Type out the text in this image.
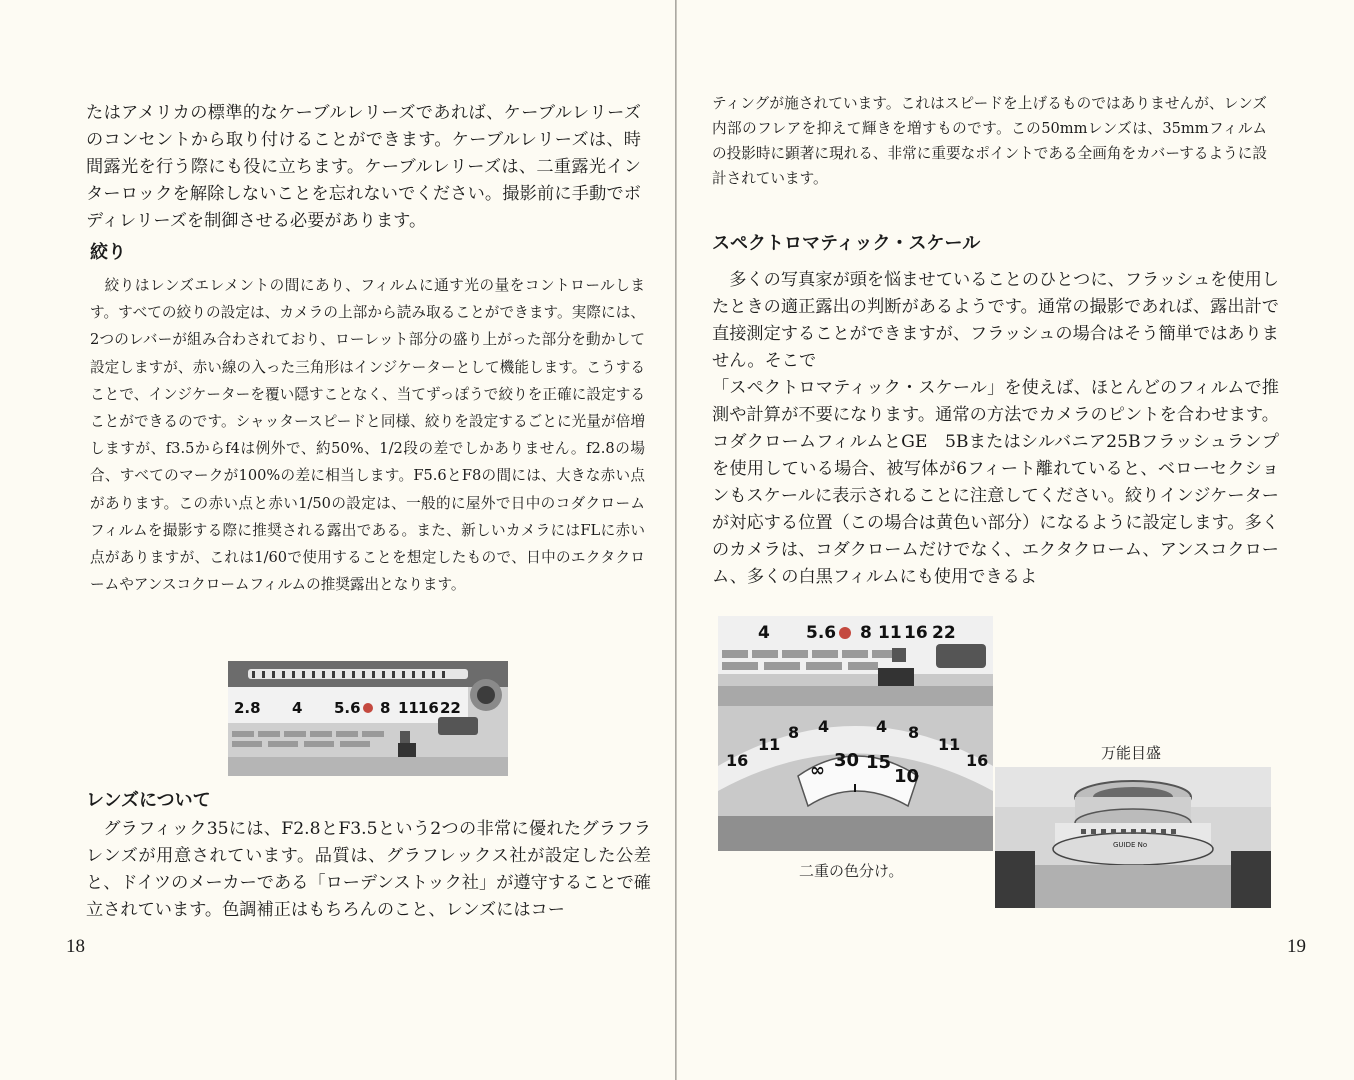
たはアメリカの標準的なケーブルレリーズであれば、ケーブルレリーズのコンセントから取り付けることができます。ケーブルレリーズは、時間露光を行う際にも役に立ちます。ケーブルレリーズは、二重露光インターロックを解除しないことを忘れないでください。撮影前に手動でボディレリーズを制御させる必要があります。

絞り

絞りはレンズエレメントの間にあり、フィルムに通す光の量をコントロールします。すべての絞りの設定は、カメラの上部から読み取ることができます。実際には、2つのレバーが組み合わされており、ローレット部分の盛り上がった部分を動かして設定しますが、赤い線の入った三角形はインジケーターとして機能します。こうすることで、インジケーターを覆い隠すことなく、当てずっぽうで絞りを正確に設定することができるのです。シャッタースピードと同様、絞りを設定するごとに光量が倍増しますが、f3.5からf4は例外で、約50%、1/2段の差でしかありません。f2.8の場合、すべてのマークが100%の差に相当します。F5.6とF8の間には、大きな赤い点があります。この赤い点と赤い1/50の設定は、一般的に屋外で日中のコダクロームフィルムを撮影する際に推奨される露出である。また、新しいカメラにはFLに赤い点がありますが、これは1/60で使用することを想定したもので、日中のエクタクロームやアンスコクロームフィルムの推奨露出となります。

2.8 4 5.6 8 11 16 22
レンズについて

グラフィック35には、F2.8とF3.5という2つの非常に優れたグラフラレンズが用意されています。品質は、グラフレックス社が設定した公差と、ドイツのメーカーである「ローデンストック社」が遵守することで確立されています。色調補正はもちろんのこと、レンズにはコー

18

ティングが施されています。これはスピードを上げるものではありませんが、レンズ内部のフレアを抑えて輝きを増すものです。この50mmレンズは、35mmフィルムの投影時に顕著に現れる、非常に重要なポイントである全画角をカバーするように設計されています。

スペクトロマティック・スケール

多くの写真家が頭を悩ませていることのひとつに、フラッシュを使用したときの適正露出の判断があるようです。通常の撮影であれば、露出計で直接測定することができますが、フラッシュの場合はそう簡単ではありません。そこで

「スペクトロマティック・スケール」を使えば、ほとんどのフィルムで推測や計算が不要になります。通常の方法でカメラのピントを合わせます。コダクロームフィルムとGE　5Bまたはシルバニア25Bフラッシュランプを使用している場合、被写体が6フィート離れていると、ベローセクションもスケールに表示されることに注意してください。絞りインジケーターが対応する位置（この場合は黄色い部分）になるように設定します。多くのカメラは、コダクロームだけでなく、エクタクローム、アンスコクローム、多くの白黒フィルムにも使用できるよ

4 5.6 8 11 16 22
16
11
8 4	4 8
11
16
∞ 30 15
10
二重の色分け。
万能目盛
GUIDE No
19
